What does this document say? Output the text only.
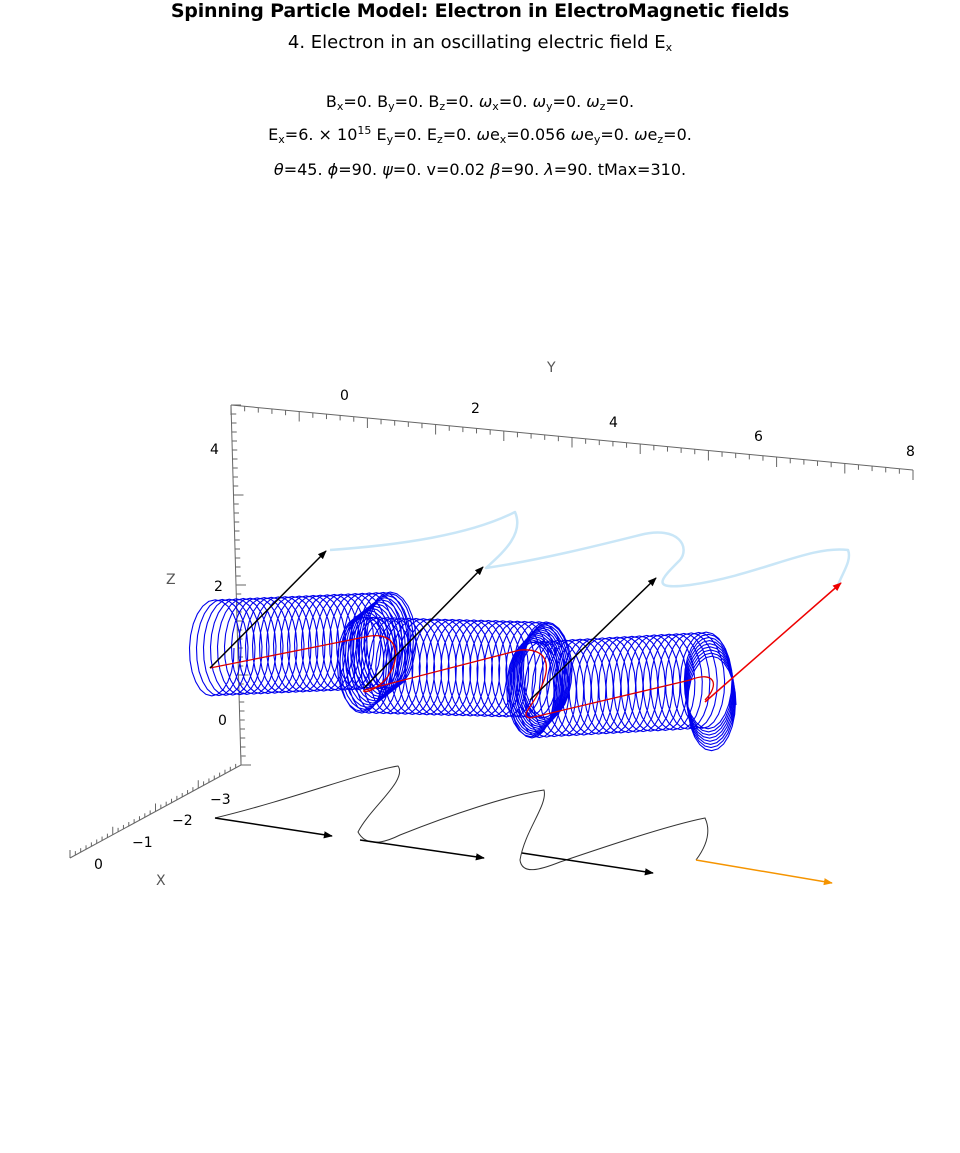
Spinning Particle Model: Electron in ElectroMagnetic fields
4. Electron in an oscillating electric field $E_x$
$B_x=0$. $B_y=0$. $B_z=0$. $\omega_x=0$. $\omega_y=0$. $\omega_z=0$.
$E_x=6$. × $10^{15}$ $E_y=0$. $E_z=0$. $\omega e_x=0.056$ $\omega e_y=0$. $\omega e_z=0$.
θ=45. ϕ=90. ψ=0. v=0.02 β=90. λ=90. tMax=310.
0
2
4
6
8
Y
4
2
0
Z
−3
−2
−1
0
X
